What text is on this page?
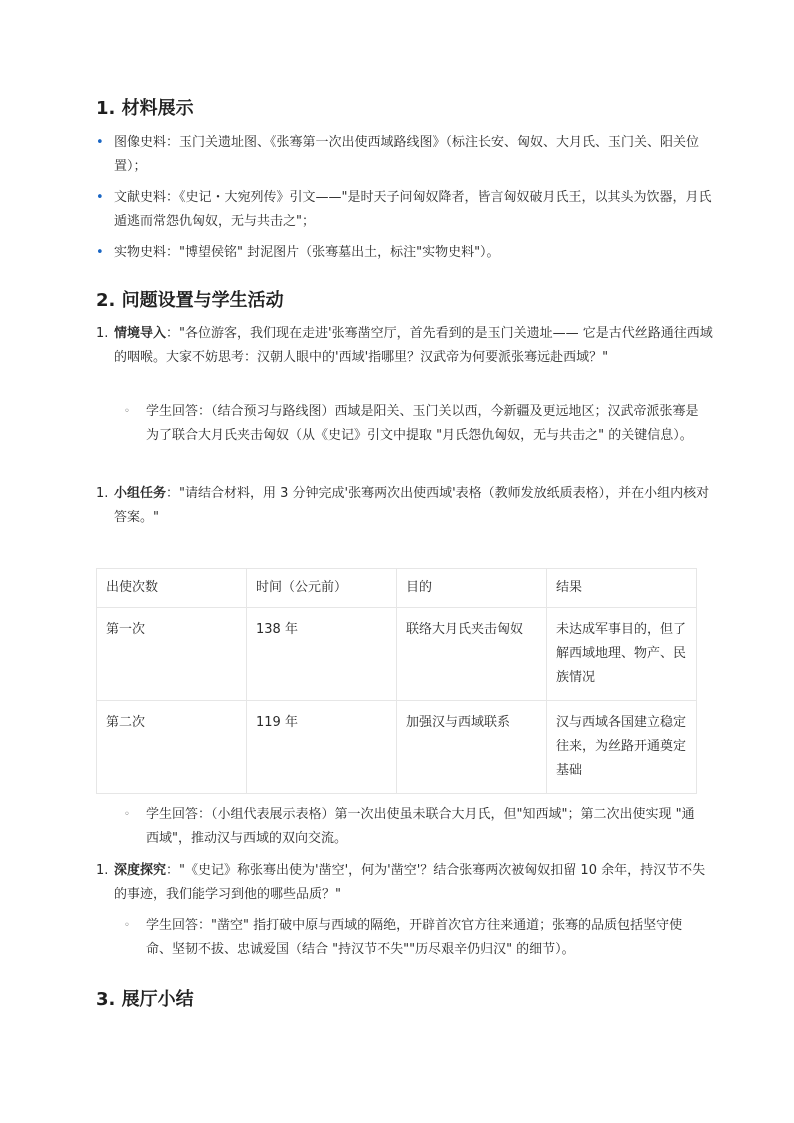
1. 材料展示
• 图像史料：玉门关遗址图、《张骞第一次出使西域路线图》（标注长安、匈奴、大月氏、玉门关、阳关位置）；
• 文献史料：《史记・大宛列传》引文——"是时天子问匈奴降者，皆言匈奴破月氏王，以其头为饮器，月氏遁逃而常怨仇匈奴，无与共击之"；
• 实物史料："博望侯铭" 封泥图片（张骞墓出土，标注"实物史料"）。
2. 问题设置与学生活动
1. 情境导入："各位游客，我们现在走进'张骞凿空厅，首先看到的是玉门关遗址—— 它是古代丝路通往西域的咽喉。大家不妨思考：汉朝人眼中的'西域'指哪里？汉武帝为何要派张骞远赴西域？"
◦ 学生回答：（结合预习与路线图）西域是阳关、玉门关以西，今新疆及更远地区；汉武帝派张骞是为了联合大月氏夹击匈奴（从《史记》引文中提取 "月氏怨仇匈奴，无与共击之" 的关键信息）。
1. 小组任务："请结合材料，用 3 分钟完成'张骞两次出使西域'表格（教师发放纸质表格），并在小组内核对答案。"
出使次数	时间（公元前）	目的	结果
第一次	138 年	联络大月氏夹击匈奴	未达成军事目的，但了解西域地理、物产、民族情况
第二次	119 年	加强汉与西域联系	汉与西域各国建立稳定往来，为丝路开通奠定基础
◦ 学生回答：（小组代表展示表格）第一次出使虽未联合大月氏，但"知西域"；第二次出使实现 "通西域"，推动汉与西域的双向交流。
1. 深度探究："《史记》称张骞出使为'凿空'，何为'凿空'？结合张骞两次被匈奴扣留 10 余年，持汉节不失的事迹，我们能学习到他的哪些品质？"
◦ 学生回答："凿空" 指打破中原与西域的隔绝，开辟首次官方往来通道；张骞的品质包括坚守使命、坚韧不拔、忠诚爱国（结合 "持汉节不失""历尽艰辛仍归汉" 的细节）。
3. 展厅小结
